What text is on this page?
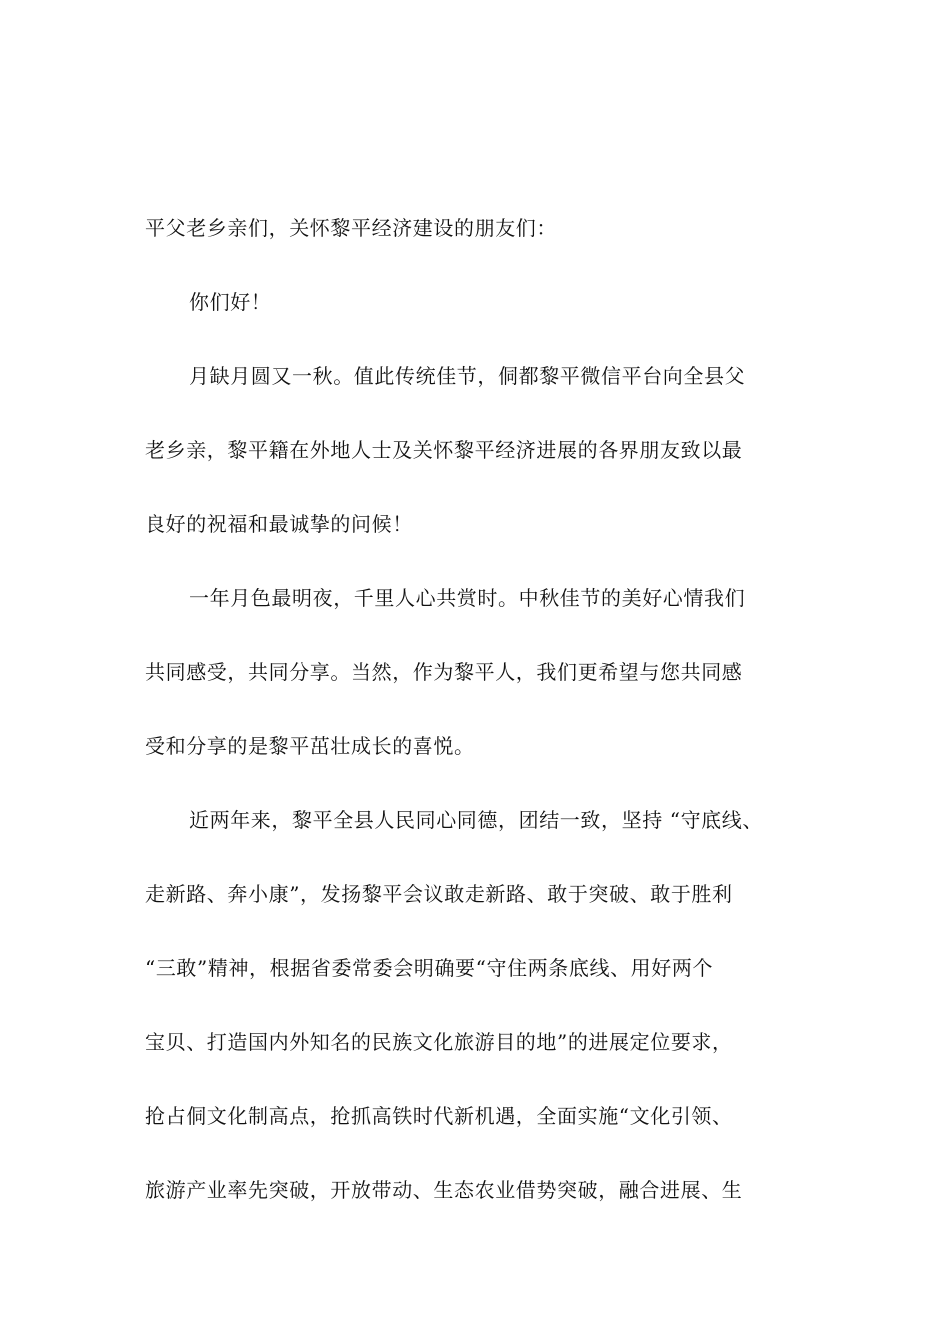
平父老乡亲们，关怀黎平经济建设的朋友们：
你们好！
月缺月圆又一秋。值此传统佳节，侗都黎平微信平台向全县父
老乡亲，黎平籍在外地人士及关怀黎平经济进展的各界朋友致以最
良好的祝福和最诚挚的问候！
一年月色最明夜，千里人心共赏时。中秋佳节的美好心情我们
共同感受，共同分享。当然，作为黎平人，我们更希望与您共同感
受和分享的是黎平茁壮成长的喜悦。
近两年来，黎平全县人民同心同德，团结一致，坚持 “守底线、
走新路、奔小康”，发扬黎平会议敢走新路、敢于突破、敢于胜利
“三敢”精神，根据省委常委会明确要“守住两条底线、用好两个
宝贝、打造国内外知名的民族文化旅游目的地”的进展定位要求，
抢占侗文化制高点，抢抓高铁时代新机遇，全面实施“文化引领、
旅游产业率先突破，开放带动、生态农业借势突破，融合进展、生
